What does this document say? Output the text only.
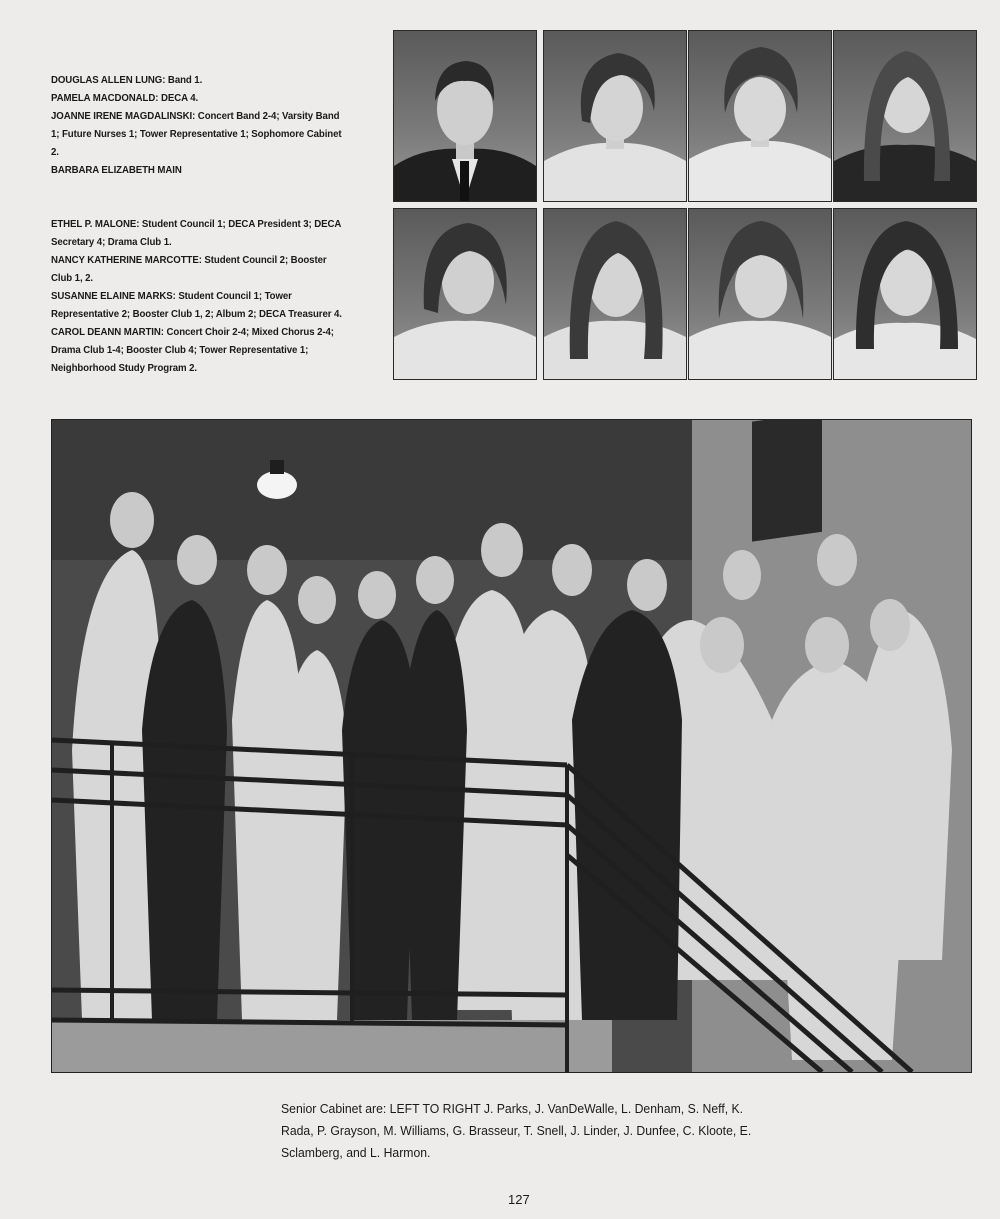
DOUGLAS ALLEN LUNG: Band 1.

PAMELA MACDONALD: DECA 4.

JOANNE IRENE MAGDALINSKI: Concert Band 2-4; Varsity Band 1; Future Nurses 1; Tower Representative 1; Sophomore Cabinet 2.

BARBARA ELIZABETH MAIN

ETHEL P. MALONE: Student Council 1; DECA President 3; DECA Secretary 4; Drama Club 1.

NANCY KATHERINE MARCOTTE: Student Council 2; Booster Club 1, 2.

SUSANNE ELAINE MARKS: Student Council 1; Tower Representative 2; Booster Club 1, 2; Album 2; DECA Treasurer 4.

CAROL DEANN MARTIN: Concert Choir 2-4; Mixed Chorus 2-4; Drama Club 1-4; Booster Club 4; Tower Representative 1; Neighborhood Study Program 2.

Senior Cabinet are: LEFT TO RIGHT J. Parks, J. VanDeWalle, L. Denham, S. Neff, K. Rada, P. Grayson, M. Williams, G. Brasseur, T. Snell, J. Linder, J. Dunfee, C. Kloote, E. Sclamberg, and L. Harmon.
127
